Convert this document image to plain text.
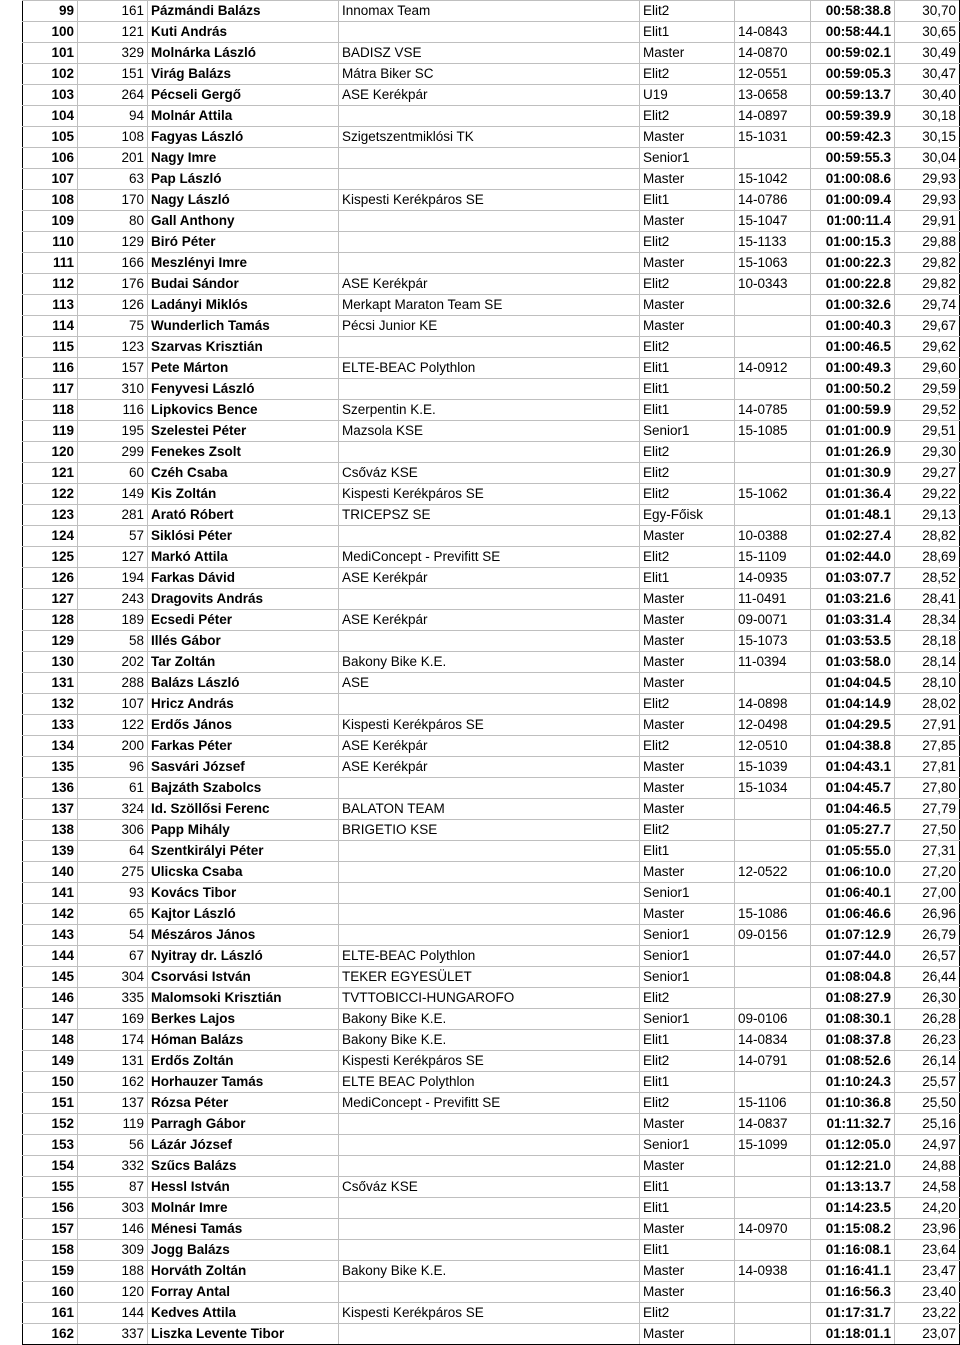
99	161	Pázmándi Balázs	Innomax Team	Elit2		00:58:38.8	30,70
100	121	Kuti András		Elit1	14-0843	00:58:44.1	30,65
101	329	Molnárka László	BADISZ VSE	Master	14-0870	00:59:02.1	30,49
102	151	Virág Balázs	Mátra Biker SC	Elit2	12-0551	00:59:05.3	30,47
103	264	Pécseli Gergő	ASE Kerékpár	U19	13-0658	00:59:13.7	30,40
104	94	Molnár Attila		Elit2	14-0897	00:59:39.9	30,18
105	108	Fagyas László	Szigetszentmiklósi TK	Master	15-1031	00:59:42.3	30,15
106	201	Nagy Imre		Senior1		00:59:55.3	30,04
107	63	Pap László		Master	15-1042	01:00:08.6	29,93
108	170	Nagy László	Kispesti Kerékpáros SE	Elit1	14-0786	01:00:09.4	29,93
109	80	Gall Anthony		Master	15-1047	01:00:11.4	29,91
110	129	Biró Péter		Elit2	15-1133	01:00:15.3	29,88
111	166	Meszlényi Imre		Master	15-1063	01:00:22.3	29,82
112	176	Budai Sándor	ASE Kerékpár	Elit2	10-0343	01:00:22.8	29,82
113	126	Ladányi Miklós	Merkapt Maraton Team SE	Master		01:00:32.6	29,74
114	75	Wunderlich Tamás	Pécsi Junior KE	Master		01:00:40.3	29,67
115	123	Szarvas Krisztián		Elit2		01:00:46.5	29,62
116	157	Pete Márton	ELTE-BEAC Polythlon	Elit1	14-0912	01:00:49.3	29,60
117	310	Fenyvesi László		Elit1		01:00:50.2	29,59
118	116	Lipkovics Bence	Szerpentin K.E.	Elit1	14-0785	01:00:59.9	29,52
119	195	Szelestei Péter	Mazsola KSE	Senior1	15-1085	01:01:00.9	29,51
120	299	Fenekes Zsolt		Elit2		01:01:26.9	29,30
121	60	Czéh Csaba	Csőváz KSE	Elit2		01:01:30.9	29,27
122	149	Kis Zoltán	Kispesti Kerékpáros SE	Elit2	15-1062	01:01:36.4	29,22
123	281	Arató Róbert	TRICEPSZ SE	Egy-Főisk		01:01:48.1	29,13
124	57	Siklósi Péter		Master	10-0388	01:02:27.4	28,82
125	127	Markó Attila	MediConcept - Previfitt SE	Elit2	15-1109	01:02:44.0	28,69
126	194	Farkas Dávid	ASE Kerékpár	Elit1	14-0935	01:03:07.7	28,52
127	243	Dragovits András		Master	11-0491	01:03:21.6	28,41
128	189	Ecsedi Péter	ASE Kerékpár	Master	09-0071	01:03:31.4	28,34
129	58	Illés Gábor		Master	15-1073	01:03:53.5	28,18
130	202	Tar Zoltán	Bakony Bike K.E.	Master	11-0394	01:03:58.0	28,14
131	288	Balázs László	ASE	Master		01:04:04.5	28,10
132	107	Hricz András		Elit2	14-0898	01:04:14.9	28,02
133	122	Erdős János	Kispesti Kerékpáros SE	Master	12-0498	01:04:29.5	27,91
134	200	Farkas Péter	ASE Kerékpár	Elit2	12-0510	01:04:38.8	27,85
135	96	Sasvári József	ASE Kerékpár	Master	15-1039	01:04:43.1	27,81
136	61	Bajzáth Szabolcs		Master	15-1034	01:04:45.7	27,80
137	324	Id. Szöllősi Ferenc	BALATON TEAM	Master		01:04:46.5	27,79
138	306	Papp Mihály	BRIGETIO KSE	Elit2		01:05:27.7	27,50
139	64	Szentkirályi Péter		Elit1		01:05:55.0	27,31
140	275	Ulicska Csaba		Master	12-0522	01:06:10.0	27,20
141	93	Kovács Tibor		Senior1		01:06:40.1	27,00
142	65	Kajtor László		Master	15-1086	01:06:46.6	26,96
143	54	Mészáros János		Senior1	09-0156	01:07:12.9	26,79
144	67	Nyitray dr. László	ELTE-BEAC Polythlon	Senior1		01:07:44.0	26,57
145	304	Csorvási István	TEKER EGYESÜLET	Senior1		01:08:04.8	26,44
146	335	Malomsoki Krisztián	TVTTOBICCI-HUNGAROFO	Elit2		01:08:27.9	26,30
147	169	Berkes Lajos	Bakony Bike K.E.	Senior1	09-0106	01:08:30.1	26,28
148	174	Hóman Balázs	Bakony Bike K.E.	Elit1	14-0834	01:08:37.8	26,23
149	131	Erdős Zoltán	Kispesti Kerékpáros SE	Elit2	14-0791	01:08:52.6	26,14
150	162	Horhauzer Tamás	ELTE BEAC Polythlon	Elit1		01:10:24.3	25,57
151	137	Rózsa Péter	MediConcept - Previfitt SE	Elit2	15-1106	01:10:36.8	25,50
152	119	Parragh Gábor		Master	14-0837	01:11:32.7	25,16
153	56	Lázár József		Senior1	15-1099	01:12:05.0	24,97
154	332	Szűcs Balázs		Master		01:12:21.0	24,88
155	87	Hessl István	Csőváz KSE	Elit1		01:13:13.7	24,58
156	303	Molnár Imre		Elit1		01:14:23.5	24,20
157	146	Ménesi Tamás		Master	14-0970	01:15:08.2	23,96
158	309	Jogg Balázs		Elit1		01:16:08.1	23,64
159	188	Horváth Zoltán	Bakony Bike K.E.	Master	14-0938	01:16:41.1	23,47
160	120	Forray Antal		Master		01:16:56.3	23,40
161	144	Kedves Attila	Kispesti Kerékpáros SE	Elit2		01:17:31.7	23,22
162	337	Liszka Levente Tibor		Master		01:18:01.1	23,07
